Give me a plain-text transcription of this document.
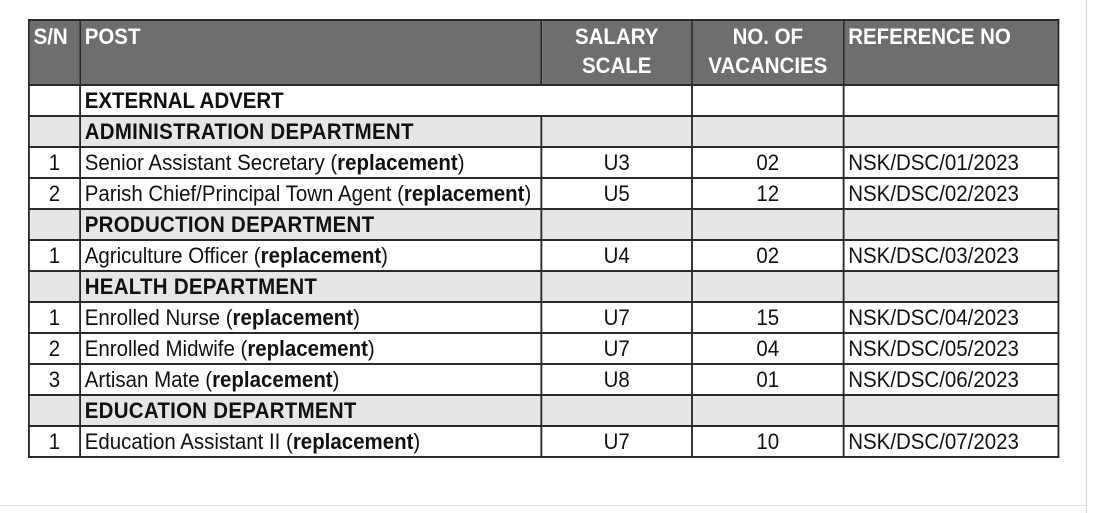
S/N	POST	SALARY SCALE	NO. OF VACANCIES	REFERENCE NO
	EXTERNAL ADVERT			
	ADMINISTRATION DEPARTMENT			
1	Senior Assistant Secretary (replacement)	U3	02	NSK/DSC/01/2023
2	Parish Chief/Principal Town Agent (replacement)	U5	12	NSK/DSC/02/2023
	PRODUCTION DEPARTMENT			
1	Agriculture Officer (replacement)	U4	02	NSK/DSC/03/2023
	HEALTH DEPARTMENT			
1	Enrolled Nurse (replacement)	U7	15	NSK/DSC/04/2023
2	Enrolled Midwife (replacement)	U7	04	NSK/DSC/05/2023
3	Artisan Mate (replacement)	U8	01	NSK/DSC/06/2023
	EDUCATION DEPARTMENT			
1	Education Assistant II (replacement)	U7	10	NSK/DSC/07/2023
